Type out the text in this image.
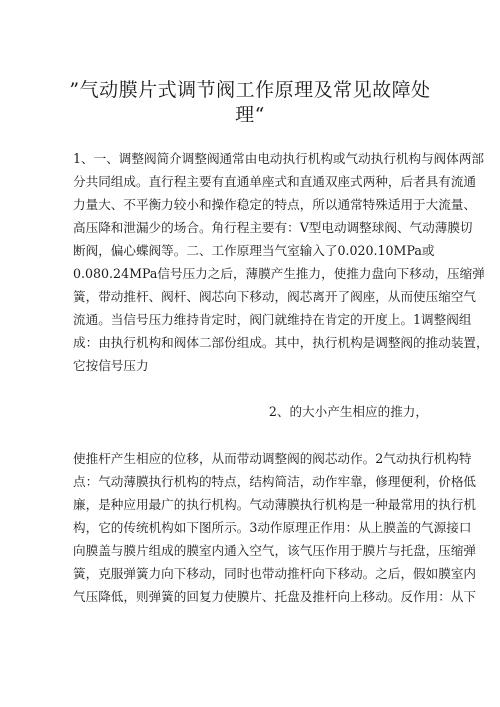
”气动膜片式调节阀工作原理及常见故障处
理“
1、一、调整阀简介调整阀通常由电动执行机构或气动执行机构与阀体两部
分共同组成。直行程主要有直通单座式和直通双座式两种，后者具有流通
力量大、不平衡力较小和操作稳定的特点，所以通常特殊适用于大流量、
高压降和泄漏少的场合。角行程主要有：V型电动调整球阀、气动薄膜切
断阀，偏心蝶阀等。二、工作原理当气室输入了0.020.10MPa或
0.080.24MPa信号压力之后，薄膜产生推力，使推力盘向下移动，压缩弹
簧，带动推杆、阀杆、阀芯向下移动，阀芯离开了阀座，从而使压缩空气
流通。当信号压力维持肯定时，阀门就维持在肯定的开度上。1调整阀组
成：由执行机构和阀体二部份组成。其中，执行机构是调整阀的推动装置，
它按信号压力
2、的大小产生相应的推力，
使推杆产生相应的位移，从而带动调整阀的阀芯动作。2气动执行机构特
点：气动薄膜执行机构的特点，结构简洁，动作牢靠，修理便利，价格低
廉，是种应用最广的执行机构。气动薄膜执行机构是一种最常用的执行机
构，它的传统机构如下图所示。3动作原理正作用：从上膜盖的气源接口
向膜盖与膜片组成的膜室内通入空气，该气压作用于膜片与托盘，压缩弹
簧，克服弹簧力向下移动，同时也带动推杆向下移动。之后，假如膜室内
气压降低，则弹簧的回复力使膜片、托盘及推杆向上移动。反作用：从下
